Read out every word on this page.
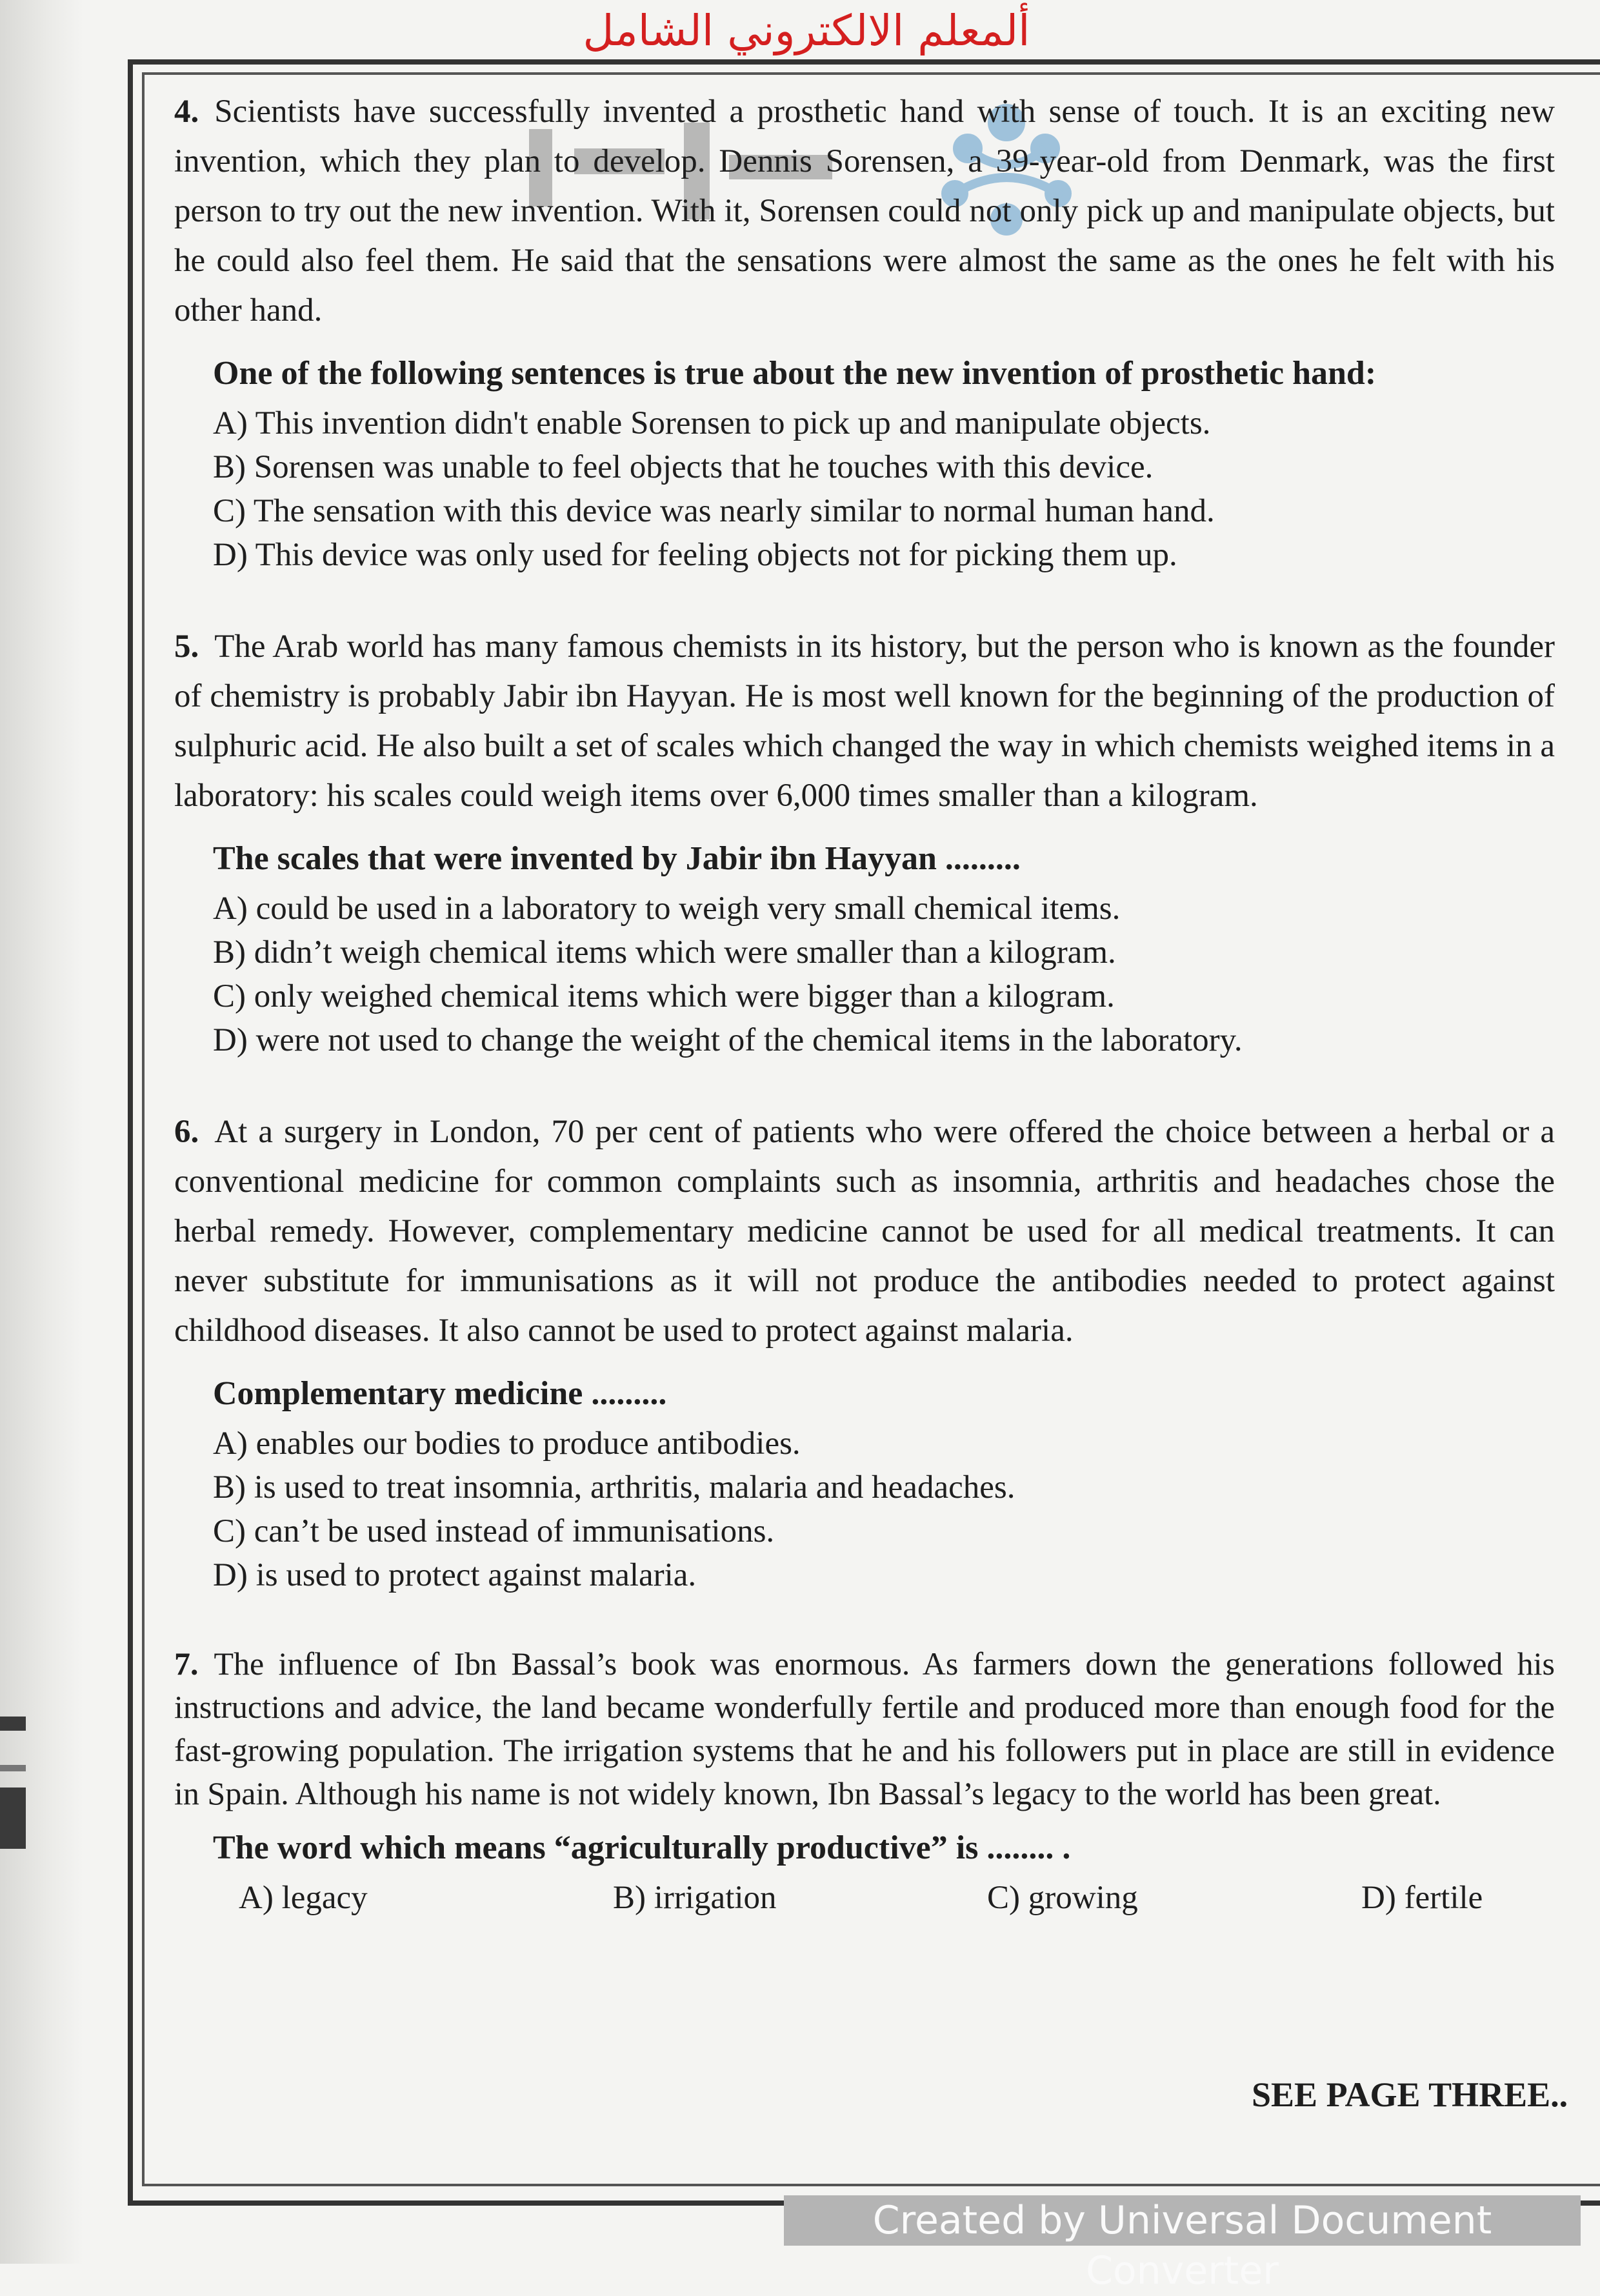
ألمعلم الالكتروني الشامل

4. Scientists have successfully invented a prosthetic hand with sense of touch. It is an exciting new invention, which they plan to develop. Dennis Sorensen, a 39-year-old from Denmark, was the first person to try out the new invention. With it, Sorensen could not only pick up and manipulate objects, but he could also feel them. He said that the sensations were almost the same as the ones he felt with his other hand.

One of the following sentences is true about the new invention of prosthetic hand:
A) This invention didn't enable Sorensen to pick up and manipulate objects.
B) Sorensen was unable to feel objects that he touches with this device.
C) The sensation with this device was nearly similar to normal human hand.
D) This device was only used for feeling objects not for picking them up.

5. The Arab world has many famous chemists in its history, but the person who is known as the founder of chemistry is probably Jabir ibn Hayyan. He is most well known for the beginning of the production of sulphuric acid. He also built a set of scales which changed the way in which chemists weighed items in a laboratory: his scales could weigh items over 6,000 times smaller than a kilogram.

The scales that were invented by Jabir ibn Hayyan .........
A) could be used in a laboratory to weigh very small chemical items.
B) didn’t weigh chemical items which were smaller than a kilogram.
C) only weighed chemical items which were bigger than a kilogram.
D) were not used to change the weight of the chemical items in the laboratory.

6. At a surgery in London, 70 per cent of patients who were offered the choice between a herbal or a conventional medicine for common complaints such as insomnia, arthritis and headaches chose the herbal remedy. However, complementary medicine cannot be used for all medical treatments. It can never substitute for immunisations as it will not produce the antibodies needed to protect against childhood diseases. It also cannot be used to protect against malaria.

Complementary medicine .........
A) enables our bodies to produce antibodies.
B) is used to treat insomnia, arthritis, malaria and headaches.
C) can’t be used instead of immunisations.
D) is used to protect against malaria.

7. The influence of Ibn Bassal’s book was enormous. As farmers down the generations followed his instructions and advice, the land became wonderfully fertile and produced more than enough food for the fast-growing population. The irrigation systems that he and his followers put in place are still in evidence in Spain. Although his name is not widely known, Ibn Bassal’s legacy to the world has been great.

The word which means “agriculturally productive” is ........ .
A) legacy	B) irrigation	C) growing	D) fertile
SEE PAGE THREE..
Created by Universal Document Converter
